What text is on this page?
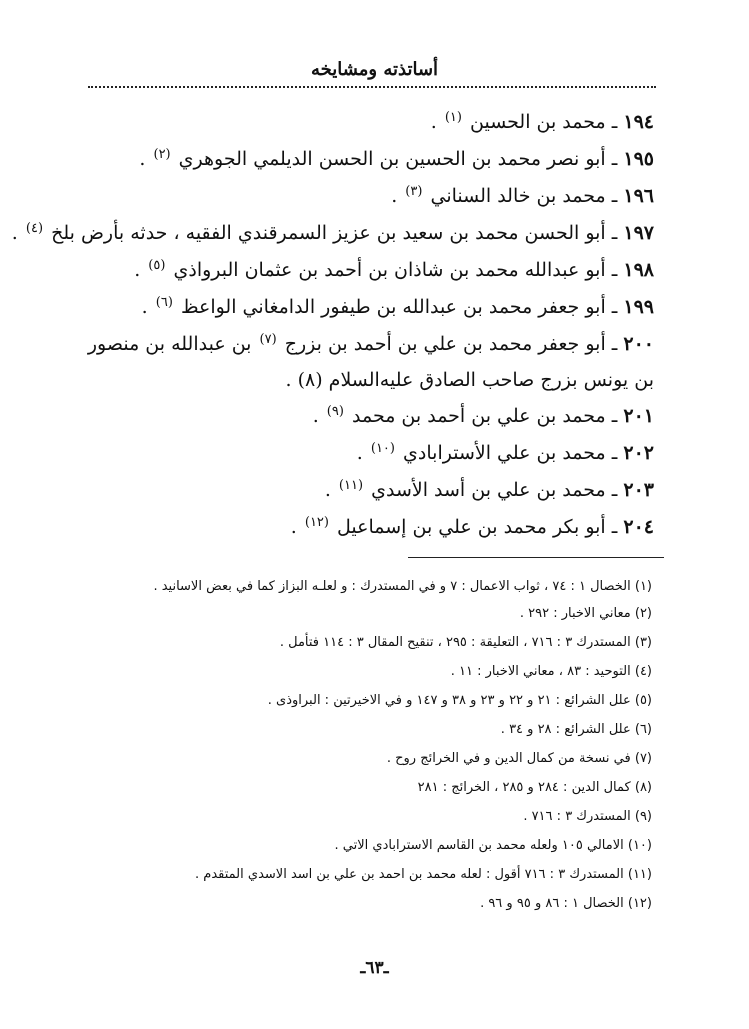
أساتذته ومشايخه
١٩٤ ـ محمد بن الحسين $^{(١)}$ .
١٩٥ ـ أبو نصر محمد بن الحسين بن الحسن الديلمي الجوهري $^{(٢)}$ .
١٩٦ ـ محمد بن خالد السناني $^{(٣)}$ .
١٩٧ ـ أبو الحسن محمد بن سعيد بن عزيز السمرقندي الفقيه ، حدثه بأرض بلخ $^{(٤)}$ .
١٩٨ ـ أبو عبدالله محمد بن شاذان بن أحمد بن عثمان البرواذي $^{(٥)}$ .
١٩٩ ـ أبو جعفر محمد بن عبدالله بن طيفور الدامغاني الواعظ $^{(٦)}$ .
٢٠٠ ـ أبو جعفر محمد بن علي بن أحمد بن بزرج $^{(٧)}$ بن عبدالله بن منصور بن يونس بزرج صاحب الصادق عليه‌السلام (٨) .
٢٠١ ـ محمد بن علي بن أحمد بن محمد $^{(٩)}$ .
٢٠٢ ـ محمد بن علي الأسترابادي $^{(١٠)}$ .
٢٠٣ ـ محمد بن علي بن أسد الأسدي $^{(١١)}$ .
٢٠٤ ـ أبو بكر محمد بن علي بن إسماعيل $^{(١٢)}$ .
(١) الخصال ١ : ٧٤ ، ثواب الاعمال : ٧ و في المستدرك : و لعلـه البزاز كما في بعض الاسانيد .
(٢) معاني الاخبار : ٢٩٢ .
(٣) المستدرك ٣ : ٧١٦ ، التعليقة : ٢٩٥ ، تنقيح المقال ٣ : ١١٤ فتأمل .
(٤) التوحيد : ٨٣ ، معاني الاخبار : ١١ .
(٥) علل الشرائع : ٢١ و ٢٢ و ٢٣ و ٣٨ و ١٤٧ و في الاخيرتين : البراوذى .
(٦) علل الشرائع : ٢٨ و ٣٤ .
(٧) في نسخة من كمال الدين و في الخرائج روح .
(٨) كمال الدين : ٢٨٤ و ٢٨٥ ، الخرائج : ٢٨١
(٩) المستدرك ٣ : ٧١٦ .
(١٠) الامالي ١٠٥ ولعله محمد بن القاسم الاسترابادي الاتي .
(١١) المستدرك ٣ : ٧١٦ أقول : لعله محمد بن احمد بن علي بن اسد الاسدي المتقدم .
(١٢) الخصال ١ : ٨٦ و ٩٥ و ٩٦ .
ـ٦٣ـ
